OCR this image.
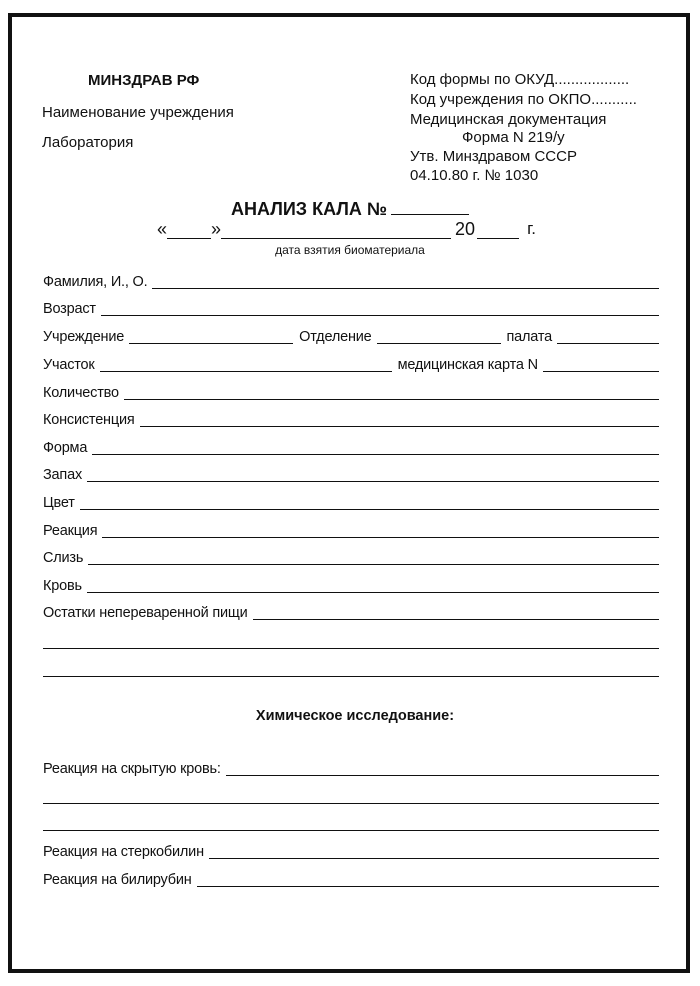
МИНЗДРАВ РФ
Наименование учреждения
Лаборатория
Код формы по ОКУД..................
Код учреждения по ОКПО...........
Медицинская документация
Форма N 219/у
Утв. Минздравом СССР
04.10.80 г. № 1030
АНАЛИЗ КАЛА №
« »	20	г.
дата взятия биоматериала
Фамилия, И., О.
Возраст
Учреждение	Отделение	палата
Участок	медицинская карта N
Количество
Консистенция
Форма
Запах
Цвет
Реакция
Слизь
Кровь
Остатки непереваренной пищи
Химическое исследование:
Реакция на скрытую кровь:
Реакция на стеркобилин
Реакция на билирубин
